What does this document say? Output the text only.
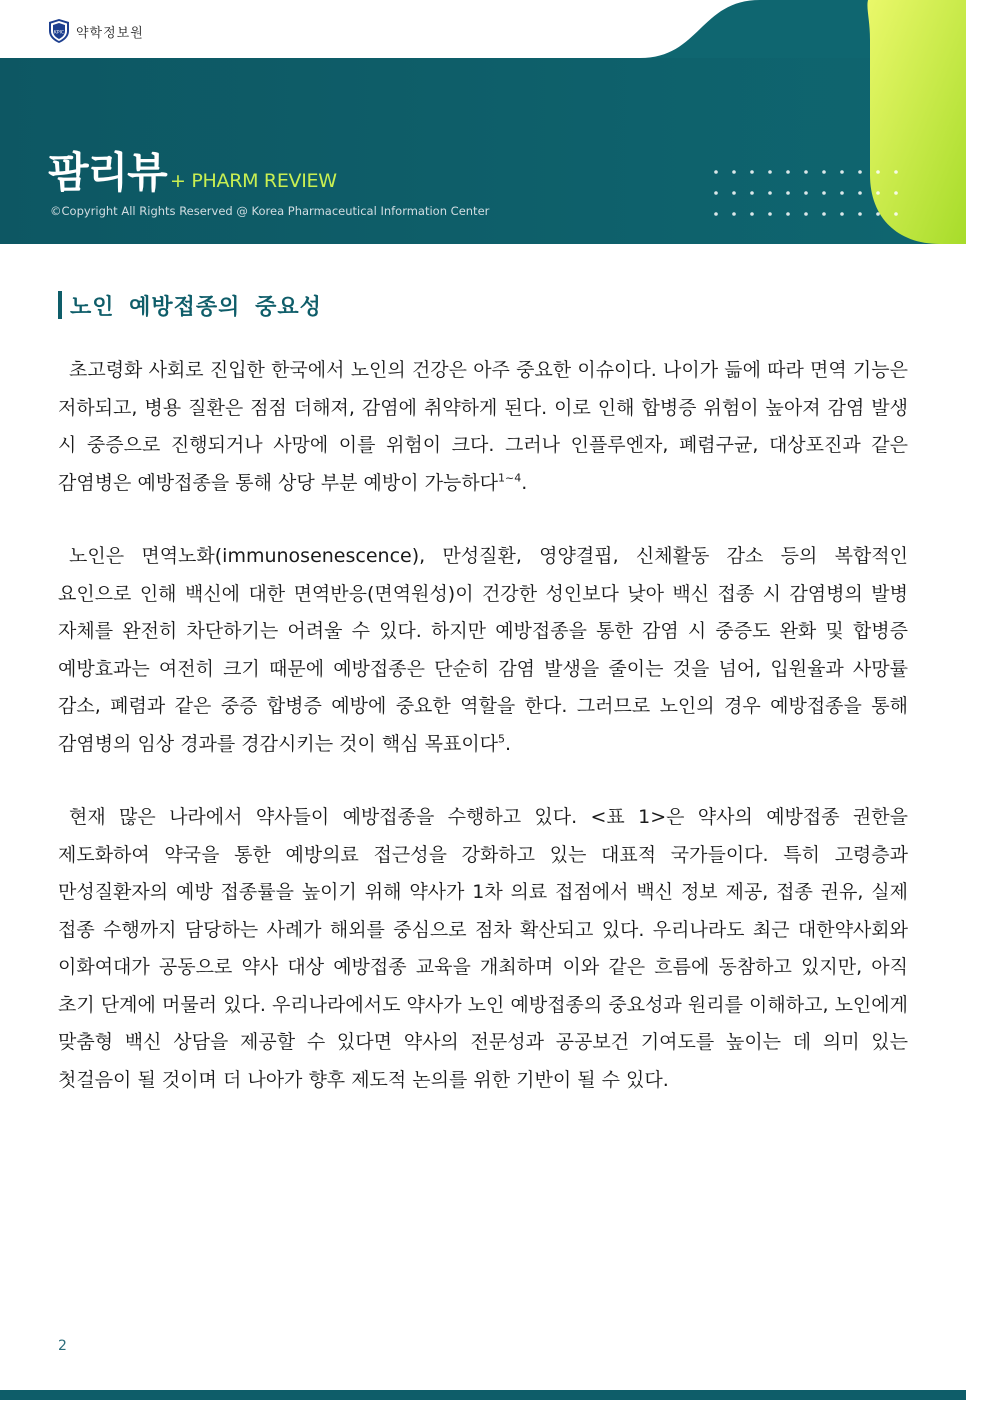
팜리뷰 + PHARM REVIEW
©Copyright All Rights Reserved @ Korea Pharmaceutical Information Center
KPIC 약학정보원
노인 예방접종의 중요성

초고령화 사회로 진입한 한국에서 노인의 건강은 아주 중요한 이슈이다. 나이가 듦에 따라 면역 기능은 저하되고, 병용 질환은 점점 더해져, 감염에 취약하게 된다. 이로 인해 합병증 위험이 높아져 감염 발생 시 중증으로 진행되거나 사망에 이를 위험이 크다. 그러나 인플루엔자, 폐렴구균, 대상포진과 같은 감염병은 예방접종을 통해 상당 부분 예방이 가능하다$^{1\sim 4}$.

노인은 면역노화(immunosenescence), 만성질환, 영양결핍, 신체활동 감소 등의 복합적인 요인으로 인해 백신에 대한 면역반응(면역원성)이 건강한 성인보다 낮아 백신 접종 시 감염병의 발병 자체를 완전히 차단하기는 어려울 수 있다. 하지만 예방접종을 통한 감염 시 중증도 완화 및 합병증 예방효과는 여전히 크기 때문에 예방접종은 단순히 감염 발생을 줄이는 것을 넘어, 입원율과 사망률 감소, 폐렴과 같은 중증 합병증 예방에 중요한 역할을 한다. 그러므로 노인의 경우 예방접종을 통해 감염병의 임상 경과를 경감시키는 것이 핵심 목표이다$^5$.

현재 많은 나라에서 약사들이 예방접종을 수행하고 있다. <표 1>은 약사의 예방접종 권한을 제도화하여 약국을 통한 예방의료 접근성을 강화하고 있는 대표적 국가들이다. 특히 고령층과 만성질환자의 예방 접종률을 높이기 위해 약사가 1차 의료 접점에서 백신 정보 제공, 접종 권유, 실제 접종 수행까지 담당하는 사례가 해외를 중심으로 점차 확산되고 있다. 우리나라도 최근 대한약사회와 이화여대가 공동으로 약사 대상 예방접종 교육을 개최하며 이와 같은 흐름에 동참하고 있지만, 아직 초기 단계에 머물러 있다. 우리나라에서도 약사가 노인 예방접종의 중요성과 원리를 이해하고, 노인에게 맞춤형 백신 상담을 제공할 수 있다면 약사의 전문성과 공공보건 기여도를 높이는 데 의미 있는 첫걸음이 될 것이며 더 나아가 향후 제도적 논의를 위한 기반이 될 수 있다.

2
